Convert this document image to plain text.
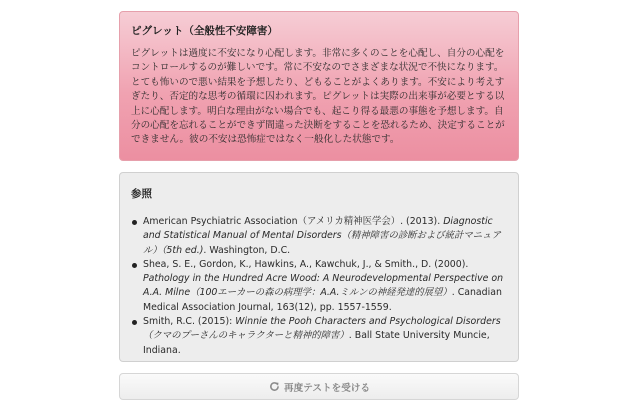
ピグレット（全般性不安障害）

ピグレットは過度に不安になり心配します。非常に多くのことを心配し、自分の心配をコントロールするのが難しいです。常に不安なのでさまざまな状況で不快になります。とても怖いので悪い結果を予想したり、どもることがよくあります。不安により考えすぎたり、否定的な思考の循環に囚われます。ピグレットは実際の出来事が必要とする以上に心配します。明白な理由がない場合でも、起こり得る最悪の事態を予想します。自分の心配を忘れることができず間違った決断をすることを恐れるため、決定することができません。彼の不安は恐怖症ではなく一般化した状態です。

参照
American Psychiatric Association（アメリカ精神医学会）. (2013). Diagnostic and Statistical Manual of Mental Disorders（精神障害の診断および統計マニュアル）（5th ed.). Washington, D.C.
Shea, S. E., Gordon, K., Hawkins, A., Kawchuk, J., & Smith., D. (2000). Pathology in the Hundred Acre Wood: A Neurodevelopmental Perspective on A.A. Milne（100エーカーの森の病理学：A.A.ミルンの神経発達的展望）. Canadian Medical Association Journal, 163(12), pp. 1557-1559.
Smith, R.C. (2015): Winnie the Pooh Characters and Psychological Disorders（クマのプーさんのキャラクターと精神的障害）. Ball State University Muncie, Indiana.
再度テストを受ける
